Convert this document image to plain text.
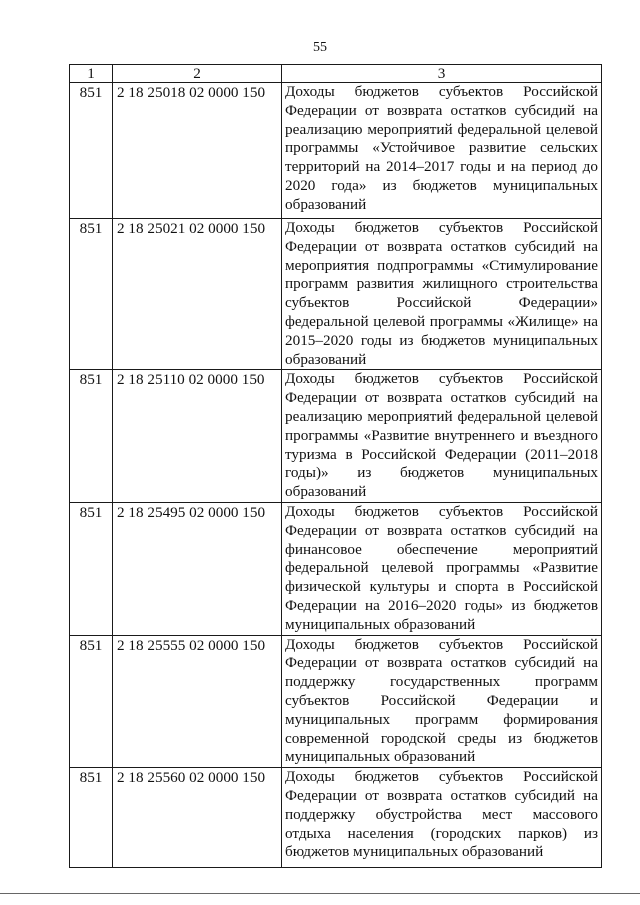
55
1	2	3
851	2 18 25018 02 0000 150	Доходы бюджетов субъектов Российской Федерации от возврата остатков субсидий на реализацию мероприятий федеральной целевой программы «Устойчивое развитие сельских территорий на 2014–2017 годы и на период до 2020 года» из бюджетов муниципальных образований
851	2 18 25021 02 0000 150	Доходы бюджетов субъектов Российской Федерации от возврата остатков субсидий на мероприятия подпрограммы «Стимулирование программ развития жилищного строительства субъектов Российской Федерации» федеральной целевой программы «Жилище» на 2015–2020 годы из бюджетов муниципальных образований
851	2 18 25110 02 0000 150	Доходы бюджетов субъектов Российской Федерации от возврата остатков субсидий на реализацию мероприятий федеральной целевой программы «Развитие внутреннего и въездного туризма в Российской Федерации (2011–2018 годы)» из бюджетов муниципальных образований
851	2 18 25495 02 0000 150	Доходы бюджетов субъектов Российской Федерации от возврата остатков субсидий на финансовое обеспечение мероприятий федеральной целевой программы «Развитие физической культуры и спорта в Российской Федерации на 2016–2020 годы» из бюджетов муниципальных образований
851	2 18 25555 02 0000 150	Доходы бюджетов субъектов Российской Федерации от возврата остатков субсидий на поддержку государственных программ субъектов Российской Федерации и муниципальных программ формирования современной городской среды из бюджетов муниципальных образований
851	2 18 25560 02 0000 150	Доходы бюджетов субъектов Российской Федерации от возврата остатков субсидий на поддержку обустройства мест массового отдыха населения (городских парков) из бюджетов муниципальных образований
